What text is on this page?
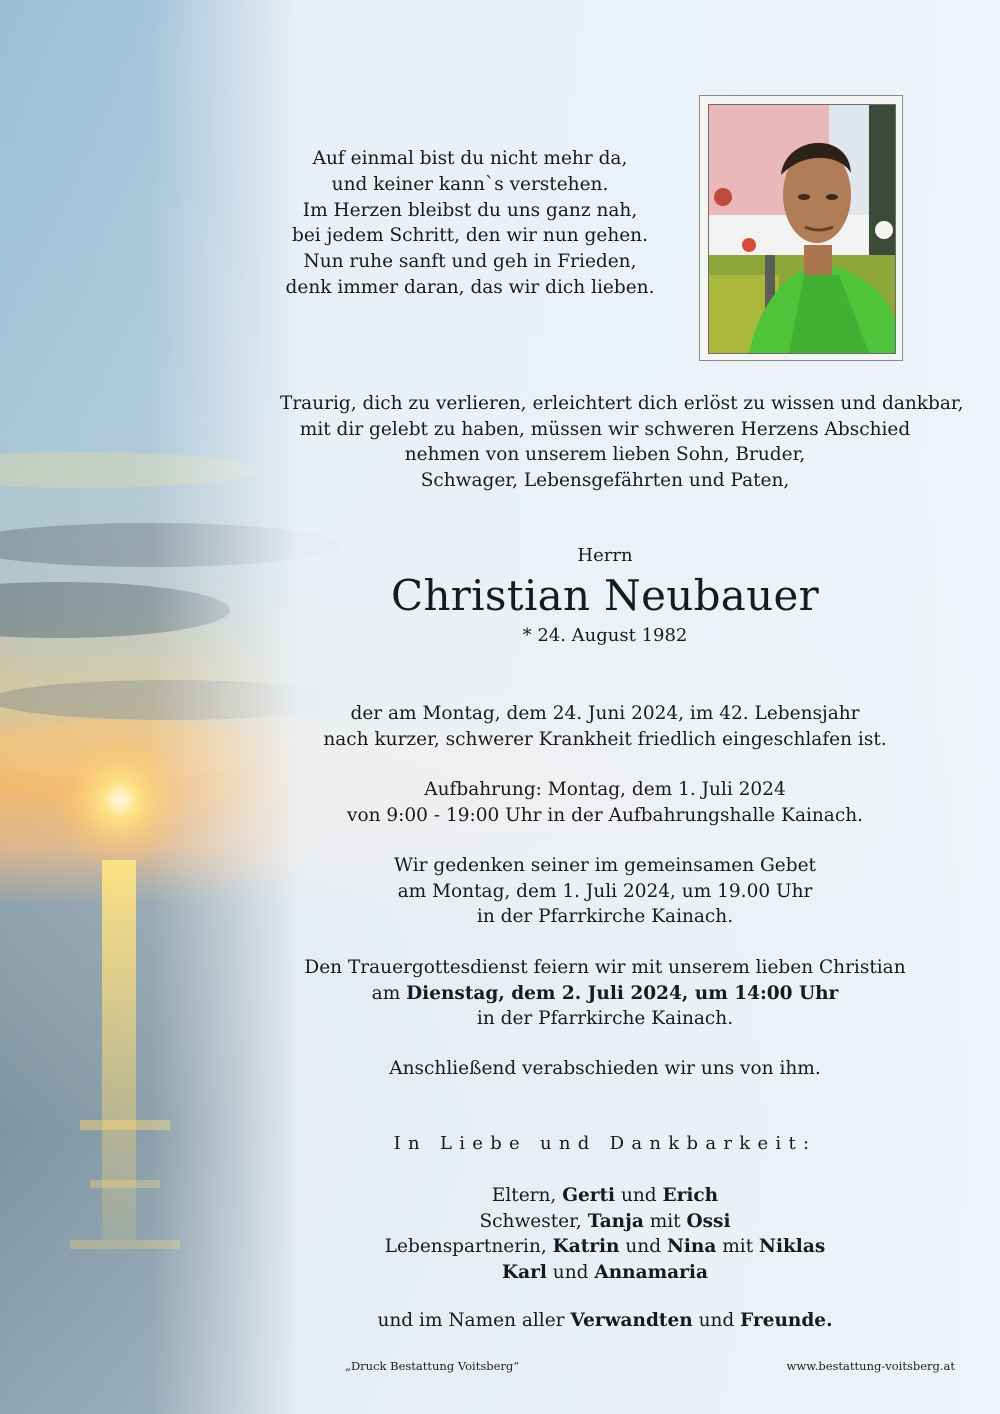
Auf einmal bist du nicht mehr da,
und keiner kann`s verstehen.
Im Herzen bleibst du uns ganz nah,
bei jedem Schritt, den wir nun gehen.
Nun ruhe sanft und geh in Frieden,
denk immer daran, das wir dich lieben.
Traurig, dich zu verlieren, erleichtert dich erlöst zu wissen und dankbar,
mit dir gelebt zu haben, müssen wir schweren Herzens Abschied
nehmen von unserem lieben Sohn, Bruder,
Schwager, Lebensgefährten und Paten,
Herrn
Christian Neubauer
* 24. August 1982
der am Montag, dem 24. Juni 2024, im 42. Lebensjahr
nach kurzer, schwerer Krankheit friedlich eingeschlafen ist.
Aufbahrung: Montag, dem 1. Juli 2024
von 9:00 - 19:00 Uhr in der Aufbahrungshalle Kainach.
Wir gedenken seiner im gemeinsamen Gebet
am Montag, dem 1. Juli 2024, um 19.00 Uhr
in der Pfarrkirche Kainach.
Den Trauergottesdienst feiern wir mit unserem lieben Christian
am Dienstag, dem 2. Juli 2024, um 14:00 Uhr
in der Pfarrkirche Kainach.
Anschließend verabschieden wir uns von ihm.
In Liebe und Dankbarkeit:
Eltern, Gerti und Erich
Schwester, Tanja mit Ossi
Lebenspartnerin, Katrin und Nina mit Niklas
Karl und Annamaria
und im Namen aller Verwandten und Freunde.
„Druck Bestattung Voitsberg“	www.bestattung-voitsberg.at
